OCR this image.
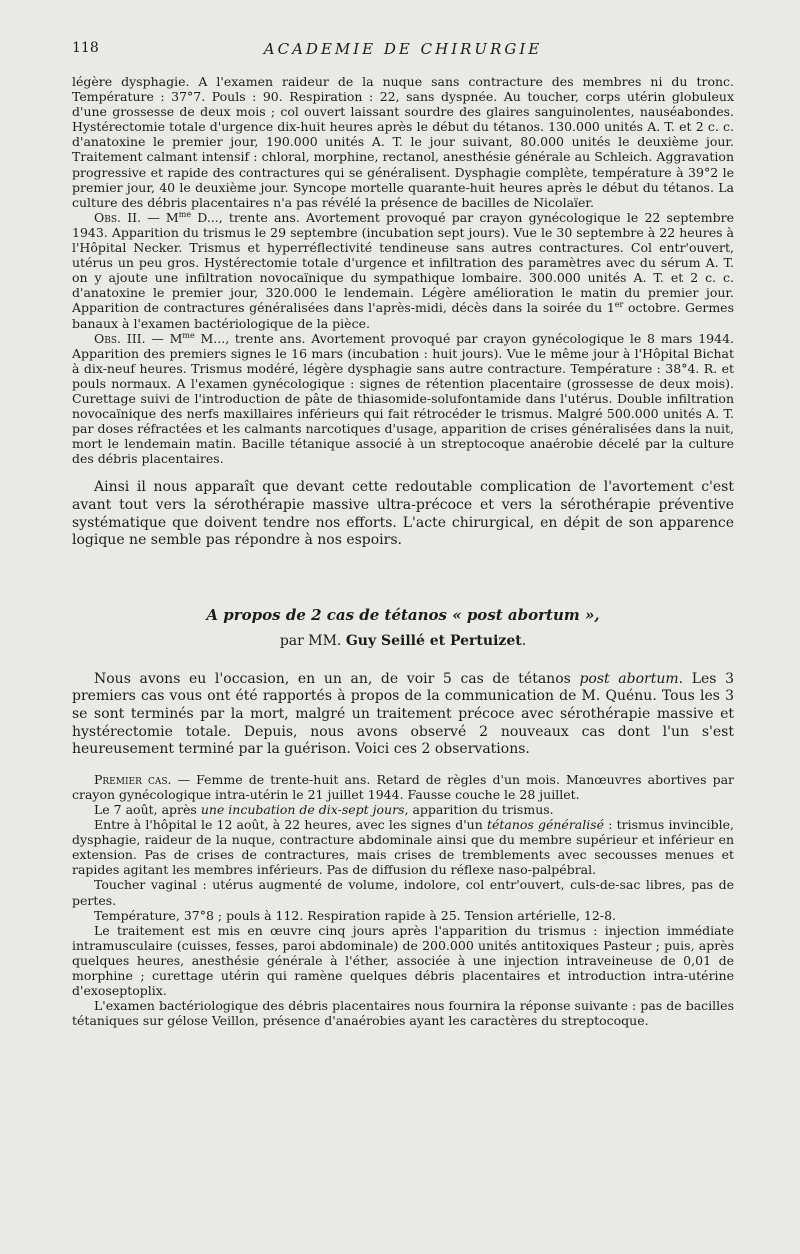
118	ACADEMIE DE CHIRURGIE

légère dysphagie. A l'examen raideur de la nuque sans contracture des membres ni du tronc. Température : 37°7. Pouls : 90. Respiration : 22, sans dyspnée. Au toucher, corps utérin globuleux d'une grossesse de deux mois ; col ouvert laissant sourdre des glaires sanguinolentes, nauséabondes. Hystérectomie totale d'urgence dix-huit heures après le début du tétanos. 130.000 unités A. T. et 2 c. c. d'anatoxine le premier jour, 190.000 unités A. T. le jour suivant, 80.000 unités le deuxième jour. Traitement calmant intensif : chloral, morphine, rectanol, anesthésie générale au Schleich. Aggravation progressive et rapide des contractures qui se généralisent. Dysphagie complète, température à 39°2 le premier jour, 40 le deuxième jour. Syncope mortelle quarante-huit heures après le début du tétanos. La culture des débris placentaires n'a pas révélé la présence de bacilles de Nicolaïer.

Obs. II. — $M^{me}$ D..., trente ans. Avortement provoqué par crayon gynécologique le 22 septembre 1943. Apparition du trismus le 29 septembre (incubation sept jours). Vue le 30 septembre à 22 heures à l'Hôpital Necker. Trismus et hyperréflectivité tendineuse sans autres contractures. Col entr'ouvert, utérus un peu gros. Hystérectomie totale d'urgence et infiltration des paramètres avec du sérum A. T. on y ajoute une infiltration novocaïnique du sympathique lombaire. 300.000 unités A. T. et 2 c. c. d'anatoxine le premier jour, 320.000 le lendemain. Légère amélioration le matin du premier jour. Apparition de contractures généralisées dans l'après-midi, décès dans la soirée du 1er octobre. Germes banaux à l'examen bactériologique de la pièce.

Obs. III. — $M^{me}$ M..., trente ans. Avortement provoqué par crayon gynécologique le 8 mars 1944. Apparition des premiers signes le 16 mars (incubation : huit jours). Vue le même jour à l'Hôpital Bichat à dix-neuf heures. Trismus modéré, légère dysphagie sans autre contracture. Température : 38°4. R. et pouls normaux. A l'examen gynécologique : signes de rétention placentaire (grossesse de deux mois). Curettage suivi de l'introduction de pâte de thiasomide-solufontamide dans l'utérus. Double infiltration novocaïnique des nerfs maxillaires inférieurs qui fait rétrocéder le trismus. Malgré 500.000 unités A. T. par doses réfractées et les calmants narcotiques d'usage, apparition de crises généralisées dans la nuit, mort le lendemain matin. Bacille tétanique associé à un streptocoque anaérobie décelé par la culture des débris placentaires.

Ainsi il nous apparaît que devant cette redoutable complication de l'avortement c'est avant tout vers la sérothérapie massive ultra-précoce et vers la sérothérapie préventive systématique que doivent tendre nos efforts. L'acte chirurgical, en dépit de son apparence logique ne semble pas répondre à nos espoirs.

A propos de 2 cas de tétanos « post abortum »,

par MM. Guy Seillé et Pertuizet.

Nous avons eu l'occasion, en un an, de voir 5 cas de tétanos post abortum. Les 3 premiers cas vous ont été rapportés à propos de la communication de M. Quénu. Tous les 3 se sont terminés par la mort, malgré un traitement précoce avec sérothérapie massive et hystérectomie totale. Depuis, nous avons observé 2 nouveaux cas dont l'un s'est heureusement terminé par la guérison. Voici ces 2 observations.

Premier cas. — Femme de trente-huit ans. Retard de règles d'un mois. Manœuvres abortives par crayon gynécologique intra-utérin le 21 juillet 1944. Fausse couche le 28 juillet.

Le 7 août, après une incubation de dix-sept jours, apparition du trismus.

Entre à l'hôpital le 12 août, à 22 heures, avec les signes d'un tétanos généralisé : trismus invincible, dysphagie, raideur de la nuque, contracture abdominale ainsi que du membre supérieur et inférieur en extension. Pas de crises de contractures, mais crises de tremblements avec secousses menues et rapides agitant les membres inférieurs. Pas de diffusion du réflexe naso-palpébral.

Toucher vaginal : utérus augmenté de volume, indolore, col entr'ouvert, culs-de-sac libres, pas de pertes.

Température, 37°8 ; pouls à 112. Respiration rapide à 25. Tension artérielle, 12-8.

Le traitement est mis en œuvre cinq jours après l'apparition du trismus : injection immédiate intramusculaire (cuisses, fesses, paroi abdominale) de 200.000 unités antitoxiques Pasteur ; puis, après quelques heures, anesthésie générale à l'éther, associée à une injection intraveineuse de 0,01 de morphine ; curettage utérin qui ramène quelques débris placentaires et introduction intra-utérine d'exoseptoplix.

L'examen bactériologique des débris placentaires nous fournira la réponse suivante : pas de bacilles tétaniques sur gélose Veillon, présence d'anaérobies ayant les caractères du streptocoque.
